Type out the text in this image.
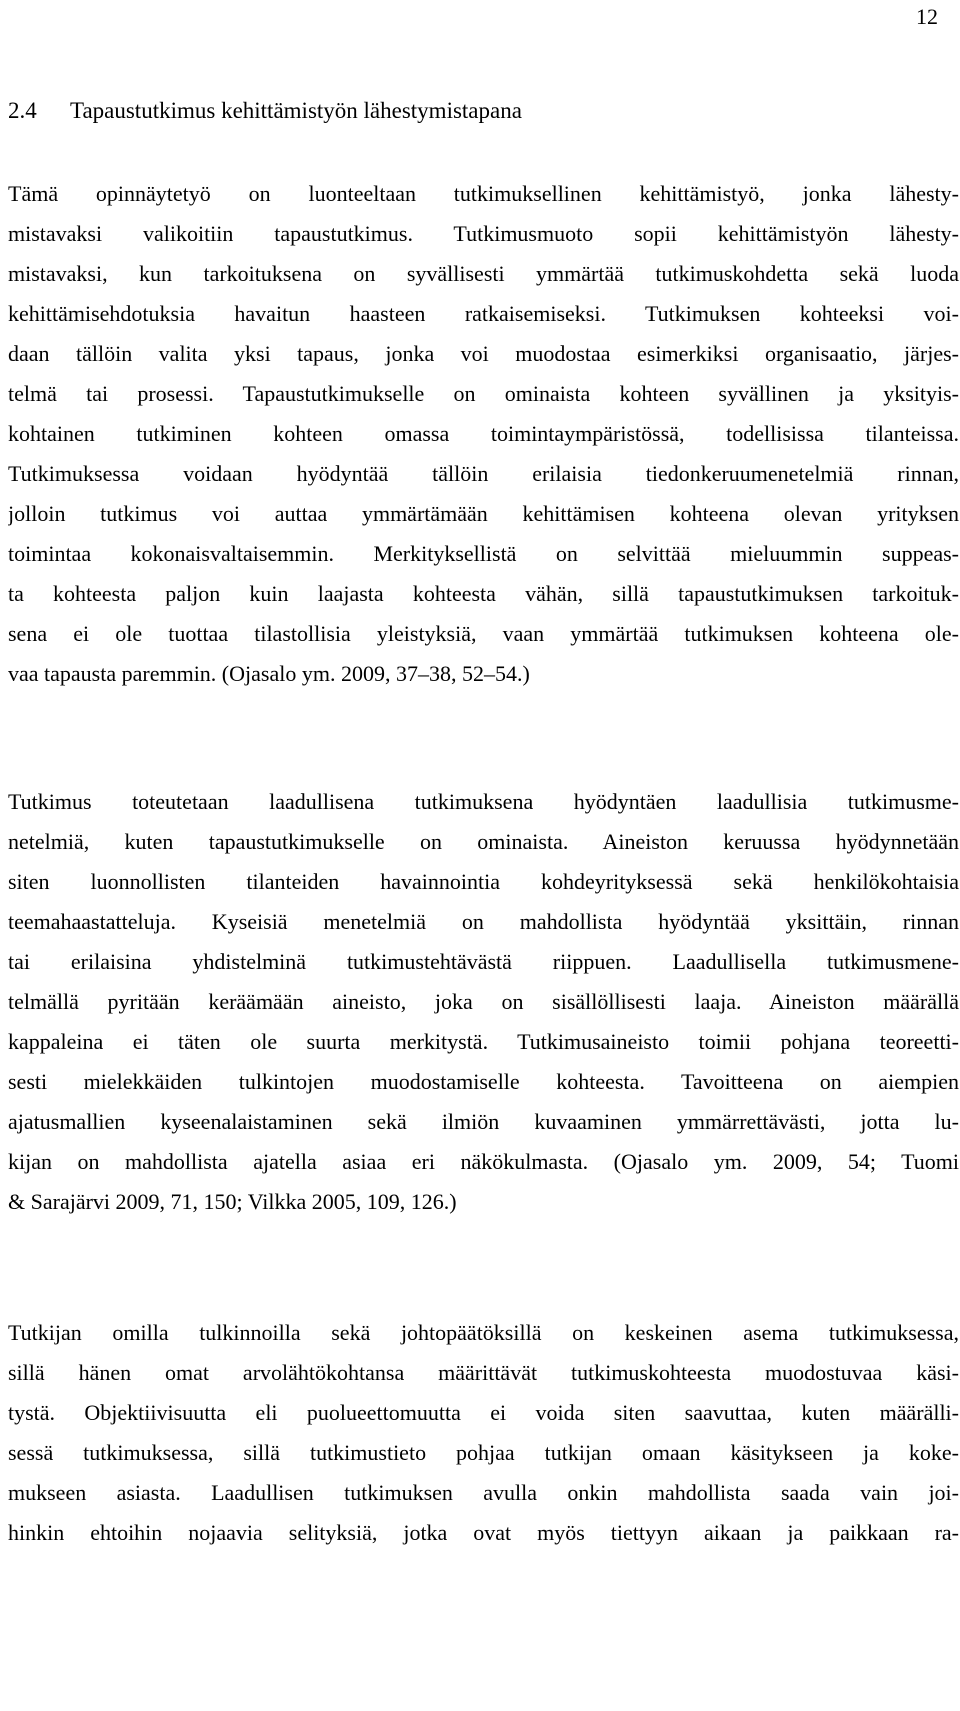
12
2.4 Tapaustutkimus kehittämistyön lähestymistapana
Tämä opinnäytetyö on luonteeltaan tutkimuksellinen kehittämistyö, jonka lähesty-
mistavaksi valikoitiin tapaustutkimus. Tutkimusmuoto sopii kehittämistyön lähesty-
mistavaksi, kun tarkoituksena on syvällisesti ymmärtää tutkimuskohdetta sekä luoda
kehittämisehdotuksia havaitun haasteen ratkaisemiseksi. Tutkimuksen kohteeksi voi-
daan tällöin valita yksi tapaus, jonka voi muodostaa esimerkiksi organisaatio, järjes-
telmä tai prosessi. Tapaustutkimukselle on ominaista kohteen syvällinen ja yksityis-
kohtainen tutkiminen kohteen omassa toimintaympäristössä, todellisissa tilanteissa.
Tutkimuksessa voidaan hyödyntää tällöin erilaisia tiedonkeruumenetelmiä rinnan,
jolloin tutkimus voi auttaa ymmärtämään kehittämisen kohteena olevan yrityksen
toimintaa kokonaisvaltaisemmin. Merkityksellistä on selvittää mieluummin suppeas-
ta kohteesta paljon kuin laajasta kohteesta vähän, sillä tapaustutkimuksen tarkoituk-
sena ei ole tuottaa tilastollisia yleistyksiä, vaan ymmärtää tutkimuksen kohteena ole-
vaa tapausta paremmin. (Ojasalo ym. 2009, 37–38, 52–54.)
Tutkimus toteutetaan laadullisena tutkimuksena hyödyntäen laadullisia tutkimusme-
netelmiä, kuten tapaustutkimukselle on ominaista. Aineiston keruussa hyödynnetään
siten luonnollisten tilanteiden havainnointia kohdeyrityksessä sekä henkilökohtaisia
teemahaastatteluja. Kyseisiä menetelmiä on mahdollista hyödyntää yksittäin, rinnan
tai erilaisina yhdistelminä tutkimustehtävästä riippuen. Laadullisella tutkimusmene-
telmällä pyritään keräämään aineisto, joka on sisällöllisesti laaja. Aineiston määrällä
kappaleina ei täten ole suurta merkitystä. Tutkimusaineisto toimii pohjana teoreetti-
sesti mielekkäiden tulkintojen muodostamiselle kohteesta. Tavoitteena on aiempien
ajatusmallien kyseenalaistaminen sekä ilmiön kuvaaminen ymmärrettävästi, jotta lu-
kijan on mahdollista ajatella asiaa eri näkökulmasta. (Ojasalo ym. 2009, 54; Tuomi
& Sarajärvi 2009, 71, 150; Vilkka 2005, 109, 126.)
Tutkijan omilla tulkinnoilla sekä johtopäätöksillä on keskeinen asema tutkimuksessa,
sillä hänen omat arvolähtökohtansa määrittävät tutkimuskohteesta muodostuvaa käsi-
tystä. Objektiivisuutta eli puolueettomuutta ei voida siten saavuttaa, kuten määrälli-
sessä tutkimuksessa, sillä tutkimustieto pohjaa tutkijan omaan käsitykseen ja koke-
mukseen asiasta. Laadullisen tutkimuksen avulla onkin mahdollista saada vain joi-
hinkin ehtoihin nojaavia selityksiä, jotka ovat myös tiettyyn aikaan ja paikkaan ra-
